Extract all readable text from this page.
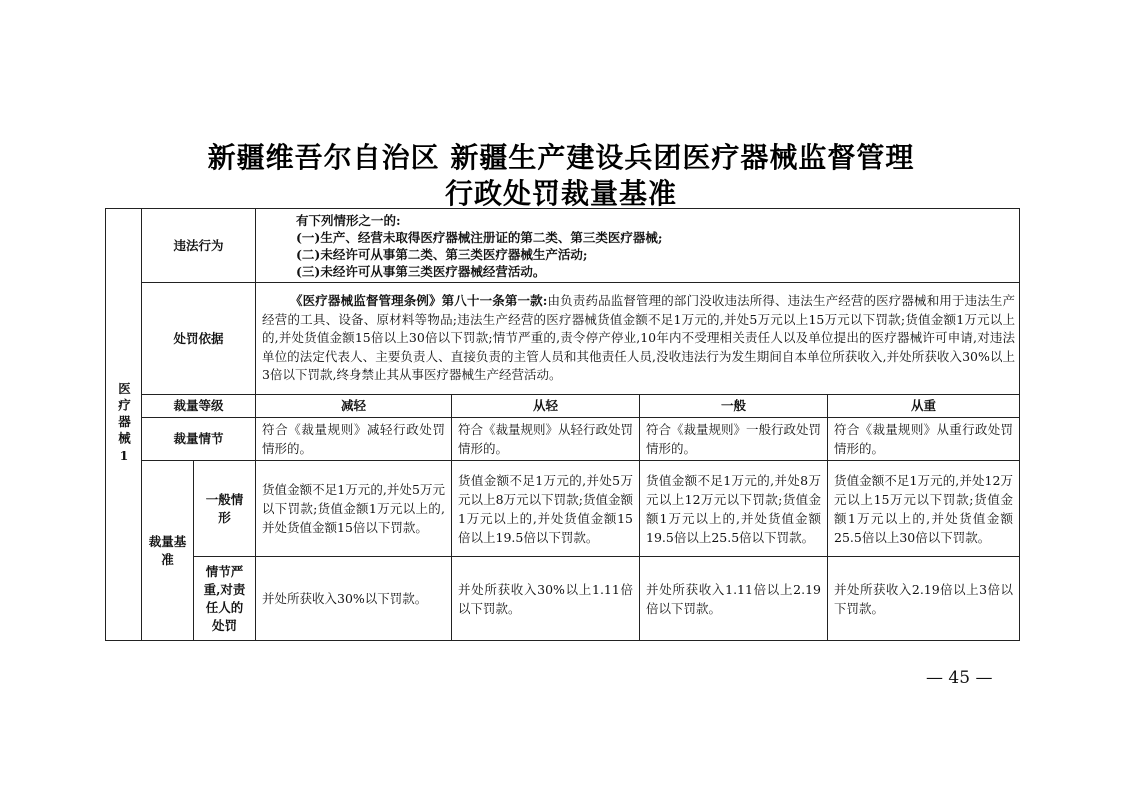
新疆维吾尔自治区 新疆生产建设兵团医疗器械监督管理
行政处罚裁量基准
医疗器械1	违法行为		有下列情形之一的:
(一)生产、经营未取得医疗器械注册证的第二类、第三类医疗器械;
(二)未经许可从事第二类、第三类医疗器械生产活动;
(三)未经许可从事第三类医疗器械经营活动。			

	处罚依据		《医疗器械监督管理条例》第八十一条第一款:由负责药品监督管理的部门没收违法所得、违法生产经营的医疗器械和用于违法生产经营的工具、设备、原材料等物品;违法生产经营的医疗器械货值金额不足1万元的,并处5万元以上15万元以下罚款;货值金额1万元以上的,并处货值金额15倍以上30倍以下罚款;情节严重的,责令停产停业,10年内不受理相关责任人以及单位提出的医疗器械许可申请,对违法单位的法定代表人、主要负责人、直接负责的主管人员和其他责任人员,没收违法行为发生期间自本单位所获收入,并处所获收入30%以上3倍以下罚款,终身禁止其从事医疗器械生产经营活动。			
	裁量等级		减轻	从轻	一般	从重
	裁量情节		符合《裁量规则》减轻行政处罚情形的。	符合《裁量规则》从轻行政处罚情形的。	符合《裁量规则》一般行政处罚情形的。	符合《裁量规则》从重行政处罚情形的。
	裁量基准	一般情形	货值金额不足1万元的,并处5万元以下罚款;货值金额1万元以上的,并处货值金额15倍以下罚款。	货值金额不足1万元的,并处5万元以上8万元以下罚款;货值金额1万元以上的,并处货值金额15倍以上19.5倍以下罚款。	货值金额不足1万元的,并处8万元以上12万元以下罚款;货值金额1万元以上的,并处货值金额19.5倍以上25.5倍以下罚款。	货值金额不足1万元的,并处12万元以上15万元以下罚款;货值金额1万元以上的,并处货值金额25.5倍以上30倍以下罚款。
		情节严重,对责任人的处罚	并处所获收入30%以下罚款。	并处所获收入30%以上1.11倍以下罚款。	并处所获收入1.11倍以上2.19倍以下罚款。	并处所获收入2.19倍以上3倍以下罚款。
— 45 —
